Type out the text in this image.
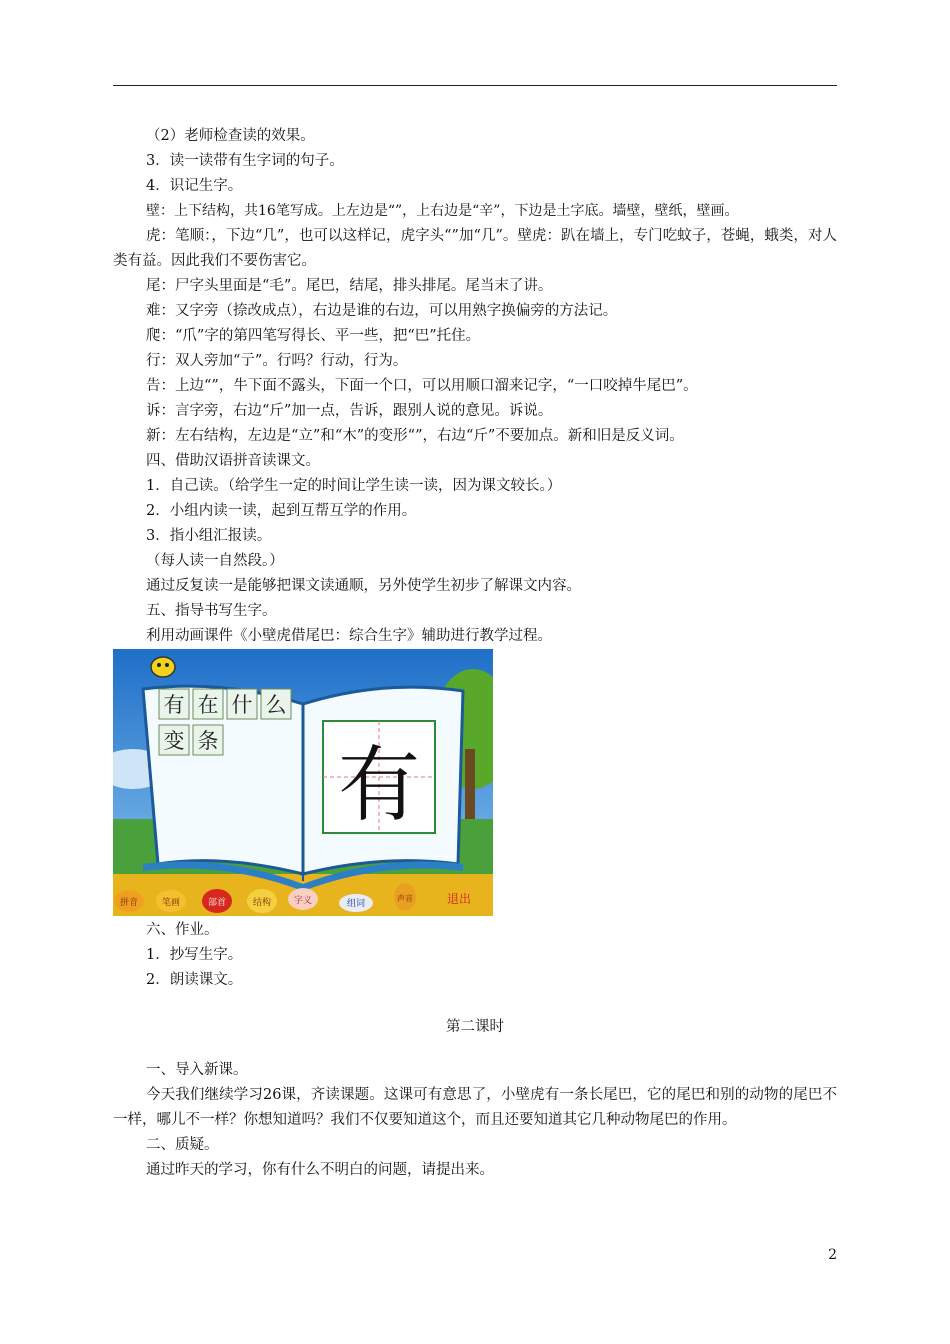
（2）老师检查读的效果。

3．读一读带有生字词的句子。

4．识记生字。

壁：上下结构，共16笔写成。上左边是“”，上右边是“辛”，下边是土字底。墙壁，壁纸，壁画。

虎：笔顺：，下边“几”，也可以这样记，虎字头“”加“几”。壁虎：趴在墙上，专门吃蚊子，苍蝇，蛾类，对人类有益。因此我们不要伤害它。

尾：尸字头里面是“毛”。尾巴，结尾，排头排尾。尾当末了讲。

难：又字旁（捺改成点），右边是谁的右边，可以用熟字换偏旁的方法记。

爬：“爪”字的第四笔写得长、平一些，把“巴”托住。

行：双人旁加“亍”。行吗？行动，行为。

告：上边“”，牛下面不露头，下面一个口，可以用顺口溜来记字，“一口咬掉牛尾巴”。

诉：言字旁，右边“斤”加一点，告诉，跟别人说的意见。诉说。

新：左右结构，左边是“立”和“木”的变形“”，右边“斤”不要加点。新和旧是反义词。

四、借助汉语拼音读课文。

1．自己读。（给学生一定的时间让学生读一读，因为课文较长。）

2．小组内读一读，起到互帮互学的作用。

3．指小组汇报读。

（每人读一自然段。）

通过反复读一是能够把课文读通顺，另外使学生初步了解课文内容。

五、指导书写生字。

利用动画课件《小壁虎借尾巴：综合生字》辅助进行教学过程。

有 在 什 么
变 条 有
拼音	笔画	部首	结构	字义	组词
声音	退出

六、作业。

1．抄写生字。

2．朗读课文。

第二课时

一、导入新课。

今天我们继续学习26课，齐读课题。这课可有意思了，小壁虎有一条长尾巴，它的尾巴和别的动物的尾巴不一样，哪儿不一样？你想知道吗？我们不仅要知道这个，而且还要知道其它几种动物尾巴的作用。

二、质疑。

通过昨天的学习，你有什么不明白的问题，请提出来。

2
